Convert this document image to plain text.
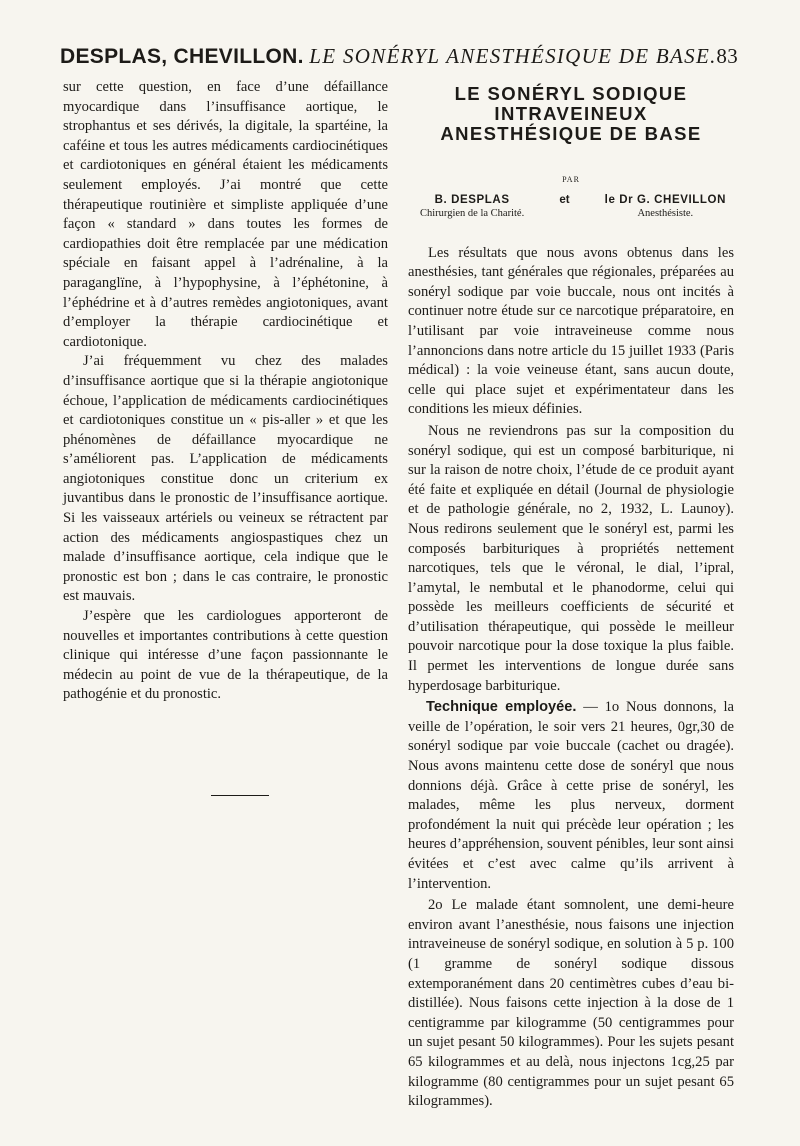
DESPLAS, CHEVILLON. LE SONÉRYL ANESTHÉSIQUE DE BASE. 83

sur cette question, en face d’une défaillance myocardique dans l’insuffisance aortique, le strophantus et ses dérivés, la digitale, la spartéine, la caféine et tous les autres médicaments cardiocinétiques et cardiotoniques en général étaient les médicaments seulement employés. J’ai montré que cette thérapeutique routinière et simpliste appliquée d’une façon « standard » dans toutes les formes de cardiopathies doit être remplacée par une médication spéciale en faisant appel à l’adrénaline, à la paraganglïne, à l’hypophysine, à l’éphétonine, à l’éphédrine et à d’autres remèdes angiotoniques, avant d’employer la thérapie cardiocinétique et cardiotonique.

J’ai fréquemment vu chez des malades d’insuffisance aortique que si la thérapie angiotonique échoue, l’application de médicaments cardiocinétiques et cardiotoniques constitue un « pis-aller » et que les phénomènes de défaillance myocardique ne s’améliorent pas. L’application de médicaments angiotoniques constitue donc un criterium ex juvantibus dans le pronostic de l’insuffisance aortique. Si les vaisseaux artériels ou veineux se rétractent par action des médicaments angiospastiques chez un malade d’insuffisance aortique, cela indique que le pronostic est bon ; dans le cas contraire, le pronostic est mauvais.

J’espère que les cardiologues apporteront de nouvelles et importantes contributions à cette question clinique qui intéresse d’une façon passionnante le médecin au point de vue de la thérapeutique, de la pathogénie et du pronostic.

LE SONÉRYL SODIQUE
INTRAVEINEUX
ANESTHÉSIQUE DE BASE
PAR
B. DESPLAS
Chirurgien de la Charité.
et	le Dr G. CHEVILLON
Anesthésiste.

Les résultats que nous avons obtenus dans les anesthésies, tant générales que régionales, préparées au sonéryl sodique par voie buccale, nous ont incités à continuer notre étude sur ce narcotique préparatoire, en l’utilisant par voie intraveineuse comme nous l’annoncions dans notre article du 15 juillet 1933 (Paris médical) : la voie veineuse étant, sans aucun doute, celle qui place sujet et expérimentateur dans les conditions les mieux définies.

Nous ne reviendrons pas sur la composition du sonéryl sodique, qui est un composé barbiturique, ni sur la raison de notre choix, l’étude de ce produit ayant été faite et expliquée en détail (Journal de physiologie et de pathologie générale, no 2, 1932, L. Launoy). Nous redirons seulement que le sonéryl est, parmi les composés barbituriques à propriétés nettement narcotiques, tels que le véronal, le dial, l’ipral, l’amytal, le nembutal et le phanodorme, celui qui possède les meilleurs coefficients de sécurité et d’utilisation thérapeutique, qui possède le meilleur pouvoir narcotique pour la dose toxique la plus faible. Il permet les interventions de longue durée sans hyperdosage barbiturique.

Technique employée. — 1o Nous donnons, la veille de l’opération, le soir vers 21 heures, 0gr,30 de sonéryl sodique par voie buccale (cachet ou dragée). Nous avons maintenu cette dose de sonéryl que nous donnions déjà. Grâce à cette prise de sonéryl, les malades, même les plus nerveux, dorment profondément la nuit qui précède leur opération ; les heures d’appréhension, souvent pénibles, leur sont ainsi évitées et c’est avec calme qu’ils arrivent à l’intervention.

2o Le malade étant somnolent, une demi-heure environ avant l’anesthésie, nous faisons une injection intraveineuse de sonéryl sodique, en solution à 5 p. 100 (1 gramme de sonéryl sodique dissous extemporanément dans 20 centimètres cubes d’eau bi-distillée). Nous faisons cette injection à la dose de 1 centigramme par kilogramme (50 centigrammes pour un sujet pesant 50 kilogrammes). Pour les sujets pesant 65 kilogrammes et au delà, nous injectons 1cg,25 par kilogramme (80 centigrammes pour un sujet pesant 65 kilogrammes).
